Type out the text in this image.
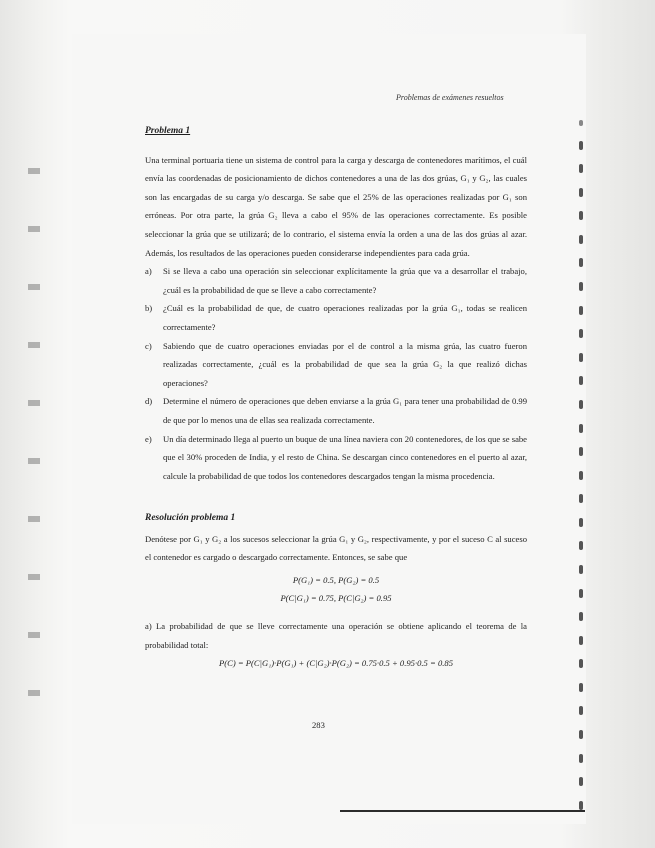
Problemas de exámenes resueltos
Problema 1

Una terminal portuaria tiene un sistema de control para la carga y descarga de contenedores marítimos, el cuál envía las coordenadas de posicionamiento de dichos contenedores a una de las dos grúas, G₁ y G₂, las cuales son las encargadas de su carga y/o descarga. Se sabe que el 25% de las operaciones realizadas por G₁ son erróneas. Por otra parte, la grúa G₂ lleva a cabo el 95% de las operaciones correctamente. Es posible seleccionar la grúa que se utilizará; de lo contrario, el sistema envía la orden a una de las dos grúas al azar. Además, los resultados de las operaciones pueden considerarse independientes para cada grúa.

a)	Si se lleva a cabo una operación sin seleccionar explícitamente la grúa que va a desarrollar el trabajo, ¿cuál es la probabilidad de que se lleve a cabo correctamente?
b)	¿Cuál es la probabilidad de que, de cuatro operaciones realizadas por la grúa G₁, todas se realicen correctamente?
c)	Sabiendo que de cuatro operaciones enviadas por el de control a la misma grúa, las cuatro fueron realizadas correctamente, ¿cuál es la probabilidad de que sea la grúa G₂ la que realizó dichas operaciones?
d)	Determine el número de operaciones que deben enviarse a la grúa G₁ para tener una probabilidad de 0.99 de que por lo menos una de ellas sea realizada correctamente.
e)	Un día determinado llega al puerto un buque de una línea naviera con 20 contenedores, de los que se sabe que el 30% proceden de India, y el resto de China. Se descargan cinco contenedores en el puerto al azar, calcule la probabilidad de que todos los contenedores descargados tengan la misma procedencia.
Resolución problema 1

Denótese por G₁ y G₂ a los sucesos seleccionar la grúa G₁ y G₂, respectivamente, y por el suceso C al suceso el contenedor es cargado o descargado correctamente. Entonces, se sabe que

P(G₁) = 0.5, P(G₂) = 0.5
P(C|G₁) = 0.75, P(C|G₂) = 0.95

a) La probabilidad de que se lleve correctamente una operación se obtiene aplicando el teorema de la probabilidad total:

P(C) = P(C|G₁)·P(G₁) + (C|G₂)·P(G₂) = 0.75·0.5 + 0.95·0.5 = 0.85
283
